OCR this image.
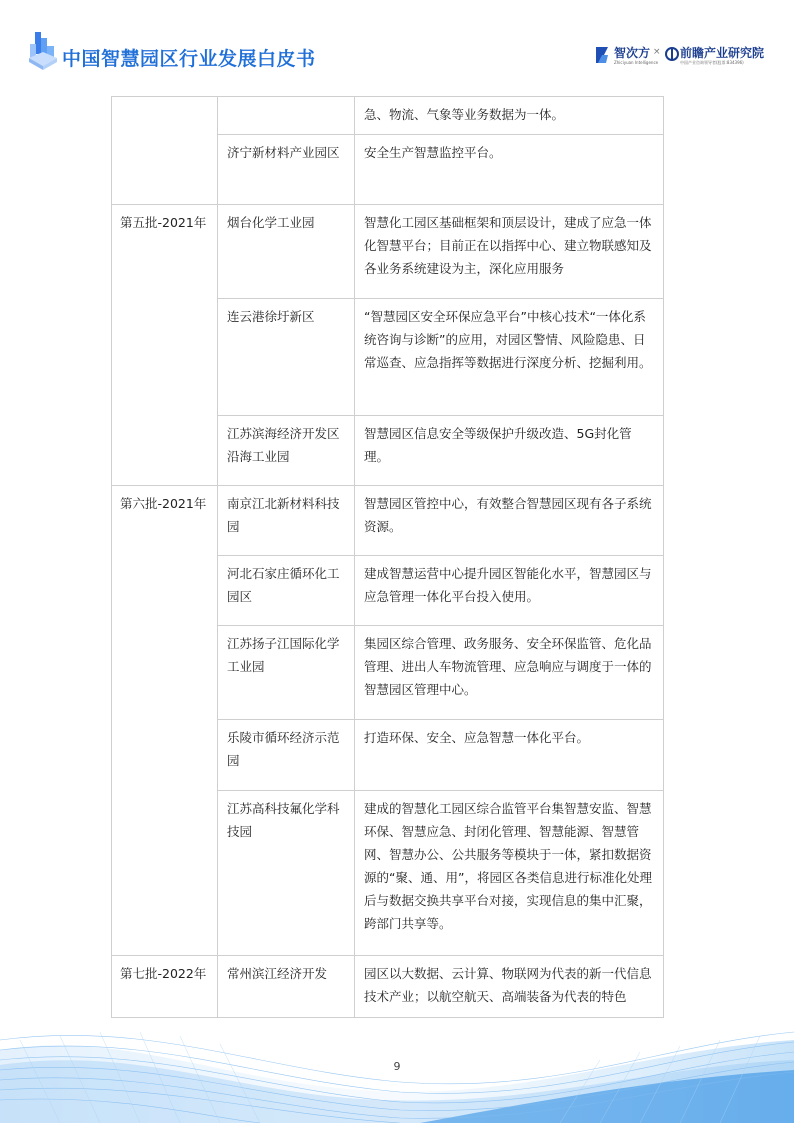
中国智慧园区行业发展白皮书	智次方
Zhiciyuan Intelligence
× 前瞻产业研究院
中国产业咨询领导者(股票:834396)
		急、物流、气象等业务数据为一体。
	济宁新材料产业园区	安全生产智慧监控平台。
第五批-2021年	烟台化学工业园	智慧化工园区基础框架和顶层设计，建成了应急一体化智慧平台；目前正在以指挥中心、建立物联感知及各业务系统建设为主，深化应用服务
	连云港徐圩新区	“智慧园区安全环保应急平台”中核心技术“一体化系统咨询与诊断”的应用，对园区警情、风险隐患、日常巡查、应急指挥等数据进行深度分析、挖掘利用。
	江苏滨海经济开发区沿海工业园	智慧园区信息安全等级保护升级改造、5G封化管理。
第六批-2021年	南京江北新材料科技园	智慧园区管控中心，有效整合智慧园区现有各子系统资源。
	河北石家庄循环化工园区	建成智慧运营中心提升园区智能化水平，智慧园区与应急管理一体化平台投入使用。
	江苏扬子江国际化学工业园	集园区综合管理、政务服务、安全环保监管、危化品管理、进出人车物流管理、应急响应与调度于一体的智慧园区管理中心。
	乐陵市循环经济示范园	打造环保、安全、应急智慧一体化平台。
	江苏高科技氟化学科技园	建成的智慧化工园区综合监管平台集智慧安监、智慧环保、智慧应急、封闭化管理、智慧能源、智慧管网、智慧办公、公共服务等模块于一体，紧扣数据资源的“聚、通、用”，将园区各类信息进行标准化处理后与数据交换共享平台对接，实现信息的集中汇聚，跨部门共享等。
第七批-2022年	常州滨江经济开发	园区以大数据、云计算、物联网为代表的新一代信息技术产业；以航空航天、高端装备为代表的特色
9
